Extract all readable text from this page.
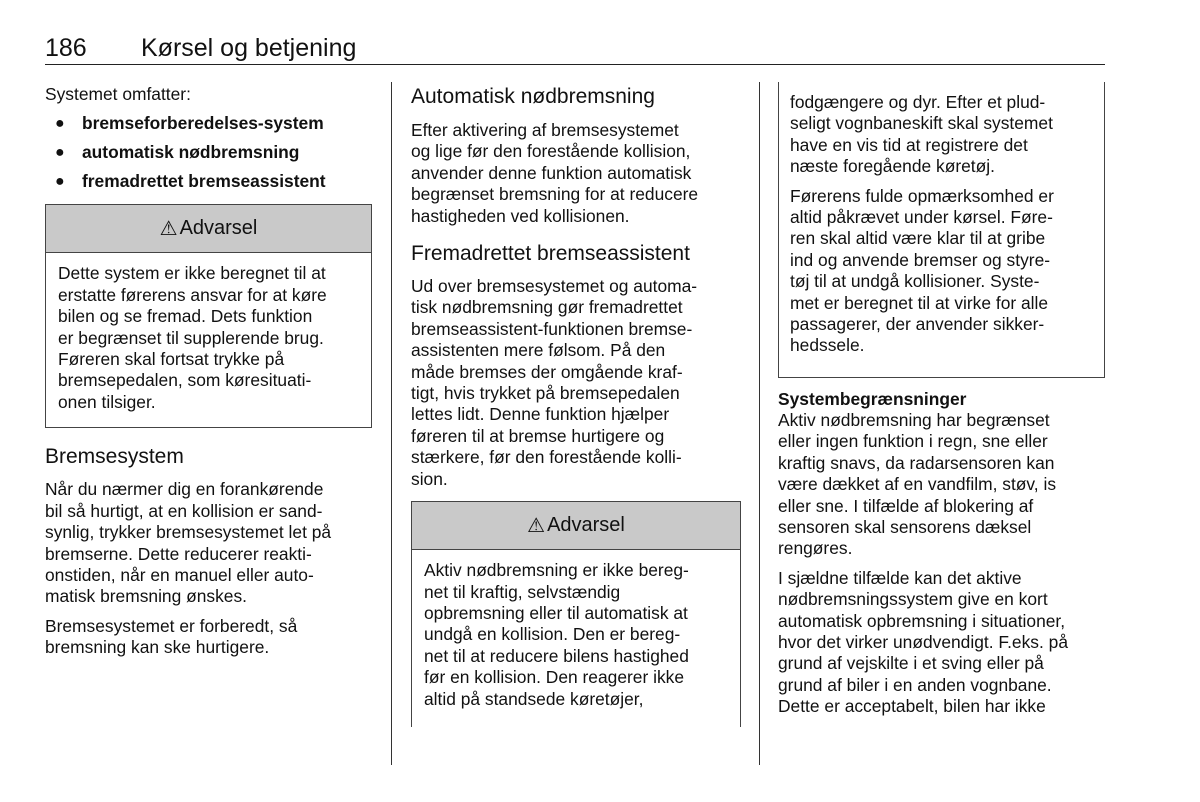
186 Kørsel og betjening
Systemet omfatter:
● bremseforberedelses-system
● automatisk nødbremsning
● fremadrettet bremseassistent
⚠ Advarsel
Dette system er ikke beregnet til at
erstatte førerens ansvar for at køre
bilen og se fremad. Dets funktion
er begrænset til supplerende brug.
Føreren skal fortsat trykke på
bremsepedalen, som køresituati-
onen tilsiger.
Bremsesystem
Når du nærmer dig en forankørende
bil så hurtigt, at en kollision er sand-
synlig, trykker bremsesystemet let på
bremserne. Dette reducerer reakti-
onstiden, når en manuel eller auto-
matisk bremsning ønskes.
Bremsesystemet er forberedt, så
bremsning kan ske hurtigere.
Automatisk nødbremsning
Efter aktivering af bremsesystemet
og lige før den forestående kollision,
anvender denne funktion automatisk
begrænset bremsning for at reducere
hastigheden ved kollisionen.
Fremadrettet bremseassistent
Ud over bremsesystemet og automa-
tisk nødbremsning gør fremadrettet
bremseassistent-funktionen bremse-
assistenten mere følsom. På den
måde bremses der omgående kraf-
tigt, hvis trykket på bremsepedalen
lettes lidt. Denne funktion hjælper
føreren til at bremse hurtigere og
stærkere, før den forestående kolli-
sion.
⚠ Advarsel
Aktiv nødbremsning er ikke bereg-
net til kraftig, selvstændig
opbremsning eller til automatisk at
undgå en kollision. Den er bereg-
net til at reducere bilens hastighed
før en kollision. Den reagerer ikke
altid på standsede køretøjer,
fodgængere og dyr. Efter et plud-
seligt vognbaneskift skal systemet
have en vis tid at registrere det
næste foregående køretøj.
Førerens fulde opmærksomhed er
altid påkrævet under kørsel. Føre-
ren skal altid være klar til at gribe
ind og anvende bremser og styre-
tøj til at undgå kollisioner. Syste-
met er beregnet til at virke for alle
passagerer, der anvender sikker-
hedssele.
Systembegrænsninger
Aktiv nødbremsning har begrænset
eller ingen funktion i regn, sne eller
kraftig snavs, da radarsensoren kan
være dækket af en vandfilm, støv, is
eller sne. I tilfælde af blokering af
sensoren skal sensorens dæksel
rengøres.
I sjældne tilfælde kan det aktive
nødbremsningssystem give en kort
automatisk opbremsning i situationer,
hvor det virker unødvendigt. F.eks. på
grund af vejskilte i et sving eller på
grund af biler i en anden vognbane.
Dette er acceptabelt, bilen har ikke
